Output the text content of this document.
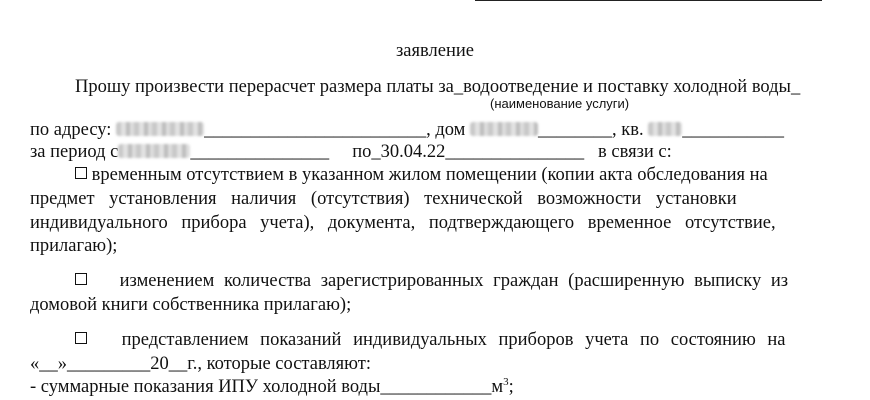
заявление
Прошу произвести перерасчет размера платы за_водоотведение и поставку холодной воды_
(наименование услуги)
по адресу:	________________________, дом	________, кв. ___________
за период с	_______________ по_30.04.22_______________ в связи с:
временным отсутствием в указанном жилом помещении (копии акта обследования на
предмет установления наличия (отсутствия) технической возможности установки
индивидуального прибора учета), документа, подтверждающего временное отсутствие,
прилагаю);
изменением количества зарегистрированных граждан (расширенную выписку из
домовой книги собственника прилагаю);
представлением показаний индивидуальных приборов учета по состоянию на
«__»_________20__г., которые составляют:
- суммарные показания ИПУ холодной $воды\_\_\_\_\_\_\_\_\_\_\_\_м^3$;
